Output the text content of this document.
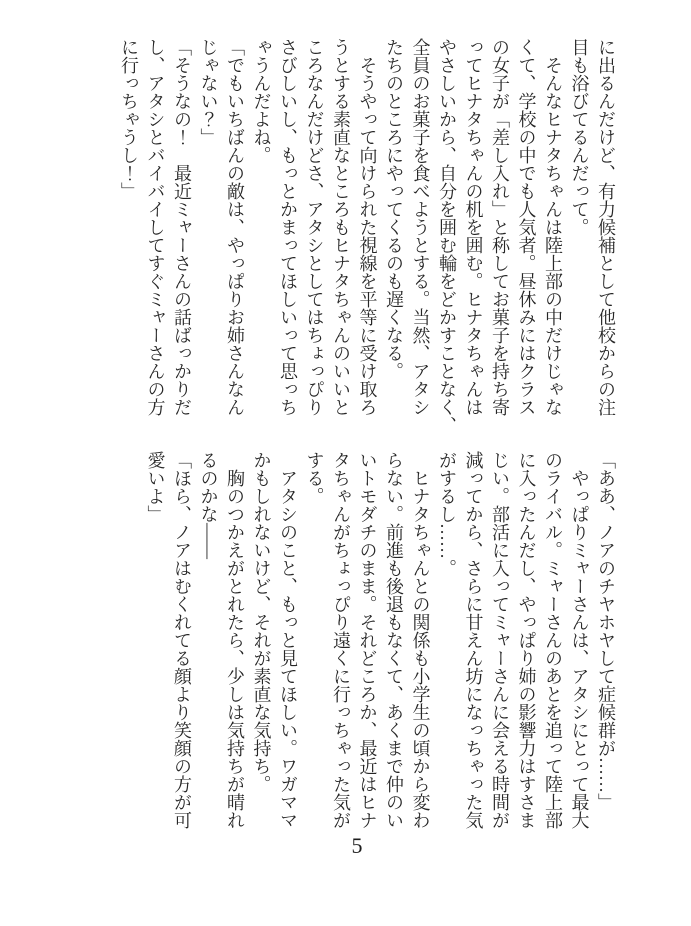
に出るんだけど、有力候補として他校からの注
目も浴びてるんだって。
　そんなヒナタちゃんは陸上部の中だけじゃな
くて、学校の中でも人気者。昼休みにはクラス
の女子が「差し入れ」と称してお菓子を持ち寄
ってヒナタちゃんの机を囲む。ヒナタちゃんは
やさしいから、自分を囲む輪をどかすことなく、
全員のお菓子を食べようとする。当然、アタシ
たちのところにやってくるのも遅くなる。
　そうやって向けられた視線を平等に受け取ろ
うとする素直なところもヒナタちゃんのいいと
ころなんだけどさ、アタシとしてはちょっぴり
さびしいし、もっとかまってほしいって思っち
ゃうんだよね。
「でもいちばんの敵は、やっぱりお姉さんなん
じゃない？」
「そうなの！　最近ミャーさんの話ばっかりだ
し、アタシとバイバイしてすぐミャーさんの方
に行っちゃうし！」
「ああ、ノアのチヤホヤして症候群が……」
　やっぱりミャーさんは、アタシにとって最大
のライバル。ミャーさんのあとを追って陸上部
に入ったんだし、やっぱり姉の影響力はすさま
じい。部活に入ってミャーさんに会える時間が
減ってから、さらに甘えん坊になっちゃった気
がするし……。
　ヒナタちゃんとの関係も小学生の頃から変わ
らない。前進も後退もなくて、あくまで仲のい
いトモダチのまま。それどころか、最近はヒナ
タちゃんがちょっぴり遠くに行っちゃった気が
する。
　アタシのこと、もっと見てほしい。ワガママ
かもしれないけど、それが素直な気持ち。
　胸のつかえがとれたら、少しは気持ちが晴れ
るのかな――
「ほら、ノアはむくれてる顔より笑顔の方が可
愛いよ」
5
